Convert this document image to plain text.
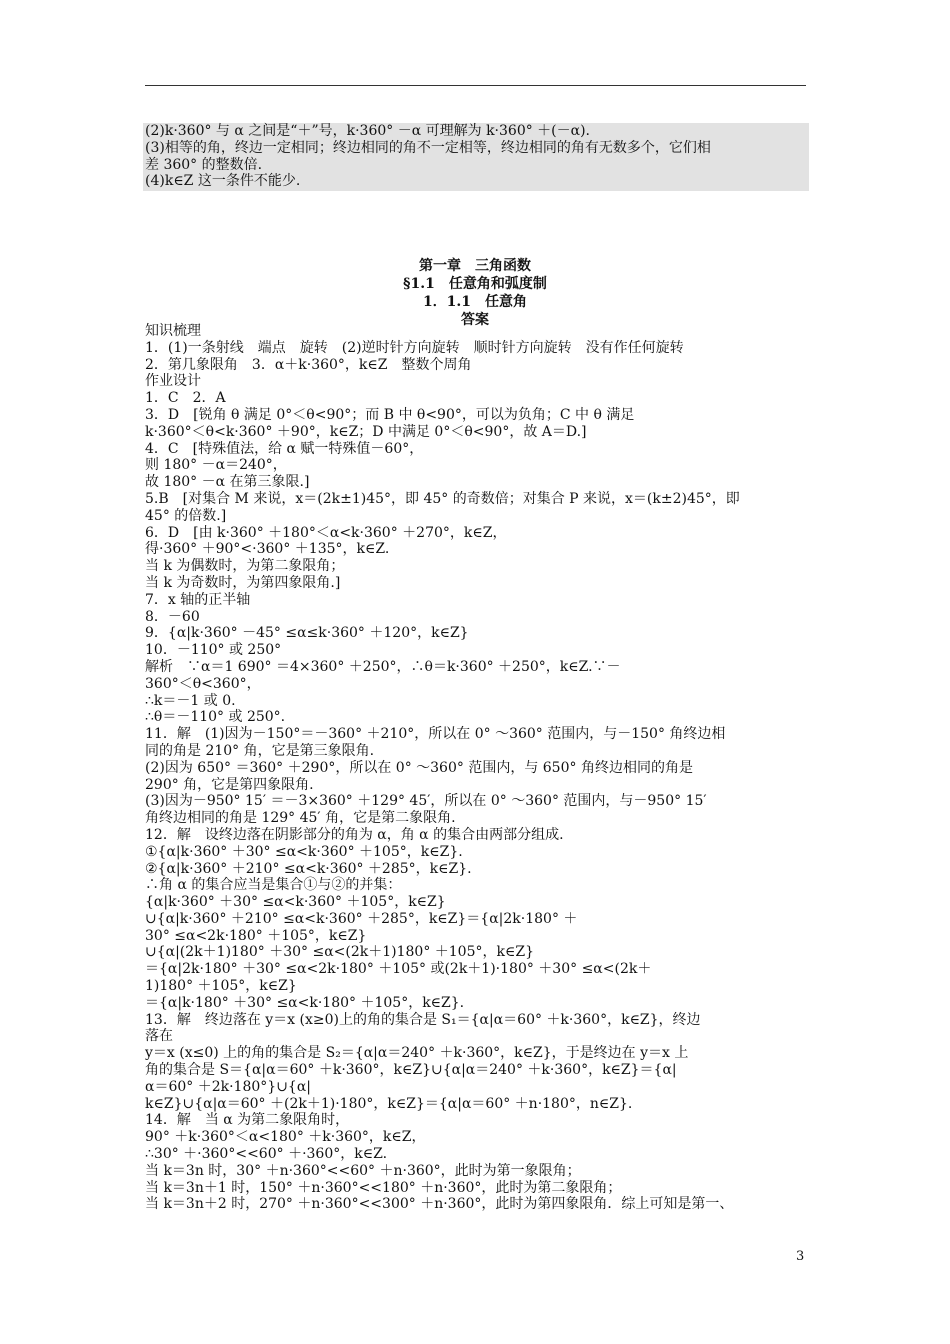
(2)k·360° 与 α 之间是“＋”号，k·360° －α 可理解为 k·360° ＋(－α).
(3)相等的角，终边一定相同；终边相同的角不一定相等，终边相同的角有无数多个，它们相
差 360° 的整数倍.
(4)k∈Z 这一条件不能少.
第一章　三角函数
§1.1　任意角和弧度制
1．1.1　任意角
答案
知识梳理
1．(1)一条射线　端点　旋转　(2)逆时针方向旋转　顺时针方向旋转　没有作任何旋转
2．第几象限角　3．α＋k·360°，k∈Z　整数个周角
作业设计
1．C　2．A
3．D　[锐角 θ 满足 0°＜θ<90°；而 B 中 θ<90°，可以为负角；C 中 θ 满足
k·360°＜θ<k·360° ＋90°，k∈Z；D 中满足 0°＜θ<90°，故 A＝D.]
4．C　[特殊值法，给 α 赋一特殊值－60°，
则 180° －α＝240°，
故 180° －α 在第三象限.]
5.B　[对集合 M 来说，x＝(2k±1)45°，即 45° 的奇数倍；对集合 P 来说，x＝(k±2)45°，即
45° 的倍数.]
6．D　[由 k·360° ＋180°＜α<k·360° ＋270°，k∈Z，
得·360° ＋90°<·360° ＋135°，k∈Z.
当 k 为偶数时，为第二象限角；
当 k 为奇数时，为第四象限角.]
7．x 轴的正半轴
8．－60
9．{α|k·360° －45° ≤α≤k·360° ＋120°，k∈Z}
10．－110° 或 250°
解析　∵α＝1 690° ＝4×360° ＋250°，∴θ＝k·360° ＋250°，k∈Z.∵－
360°＜θ<360°，
∴k＝－1 或 0.
∴θ＝－110° 或 250°.
11．解　(1)因为－150°＝－360° ＋210°，所以在 0° ～360° 范围内，与－150° 角终边相
同的角是 210° 角，它是第三象限角.
(2)因为 650° ＝360° ＋290°，所以在 0° ～360° 范围内，与 650° 角终边相同的角是
290° 角，它是第四象限角.
(3)因为－950° 15′ ＝－3×360° ＋129° 45′，所以在 0° ～360° 范围内，与－950° 15′
角终边相同的角是 129° 45′ 角，它是第二象限角.
12．解　设终边落在阴影部分的角为 α，角 α 的集合由两部分组成.
①{α|k·360° ＋30° ≤α<k·360° ＋105°，k∈Z}.
②{α|k·360° ＋210° ≤α<k·360° ＋285°，k∈Z}.
∴角 α 的集合应当是集合①与②的并集：
{α|k·360° ＋30° ≤α<k·360° ＋105°，k∈Z}
∪{α|k·360° ＋210° ≤α<k·360° ＋285°，k∈Z}＝{α|2k·180° ＋
30° ≤α<2k·180° ＋105°，k∈Z}
∪{α|(2k＋1)180° ＋30° ≤α<(2k＋1)180° ＋105°，k∈Z}
＝{α|2k·180° ＋30° ≤α<2k·180° ＋105° 或(2k＋1)·180° ＋30° ≤α<(2k＋
1)180° ＋105°，k∈Z}
＝{α|k·180° ＋30° ≤α<k·180° ＋105°，k∈Z}.
13．解　终边落在 y＝x (x≥0)上的角的集合是 S₁＝{α|α＝60° ＋k·360°，k∈Z}，终边
落在
y＝x (x≤0) 上的角的集合是 S₂＝{α|α＝240° ＋k·360°，k∈Z}，于是终边在 y＝x 上
角的集合是 S＝{α|α＝60° ＋k·360°，k∈Z}∪{α|α＝240° ＋k·360°，k∈Z}＝{α|
α＝60° ＋2k·180°}∪{α|
k∈Z}∪{α|α＝60° ＋(2k＋1)·180°，k∈Z}＝{α|α＝60° ＋n·180°，n∈Z}.
14．解　当 α 为第二象限角时，
90° ＋k·360°＜α<180° ＋k·360°，k∈Z，
∴30° ＋·360°<<60° ＋·360°，k∈Z.
当 k＝3n 时，30° ＋n·360°<<60° ＋n·360°，此时为第一象限角；
当 k＝3n＋1 时，150° ＋n·360°<<180° ＋n·360°，此时为第二象限角；
当 k＝3n＋2 时，270° ＋n·360°<<300° ＋n·360°，此时为第四象限角．综上可知是第一、
3
